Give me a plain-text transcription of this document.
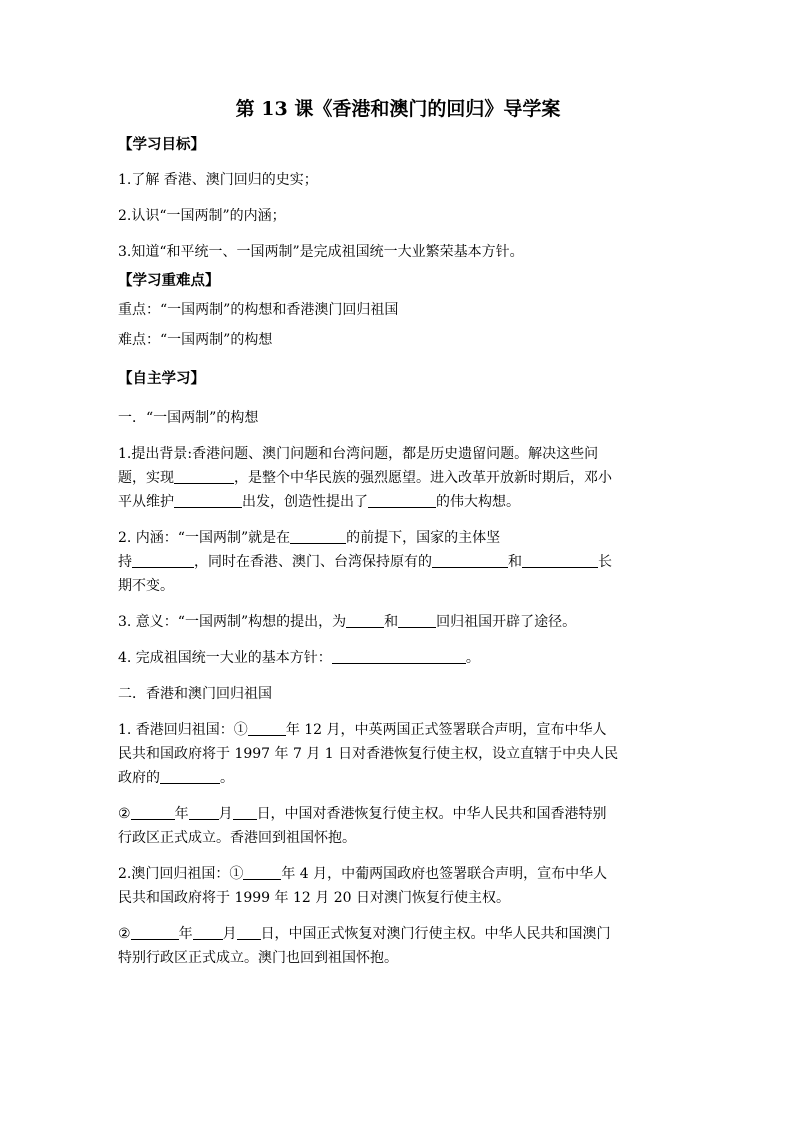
第 13 课《香港和澳门的回归》导学案
【学习目标】
1.了解 香港、澳门回归的史实；
2.认识“一国两制”的内涵；
3.知道“和平统一、一国两制”是完成祖国统一大业繁荣基本方针。
【学习重难点】
重点：“一国两制”的构想和香港澳门回归祖国
难点：“一国两制”的构想
【自主学习】
一．“一国两制”的构想
1.提出背景:香港问题、澳门问题和台湾问题，都是历史遗留问题。解决这些问
题，实现	，是整个中华民族的强烈愿望。进入改革开放新时期后，邓小
平从维护	出发，创造性提出了	的伟大构想。
2. 内涵：“一国两制”就是在	的前提下，国家的主体坚
持	，同时在香港、澳门、台湾保持原有的	和	长
期不变。
3. 意义：“一国两制”构想的提出，为	和	回归祖国开辟了途径。
4. 完成祖国统一大业的基本方针：	。
二．香港和澳门回归祖国
1. 香港回归祖国：①	年 12 月，中英两国正式签署联合声明，宣布中华人
民共和国政府将于 1997 年 7 月 1 日对香港恢复行使主权，设立直辖于中央人民
政府的	。
②	年 月 日，中国对香港恢复行使主权。中华人民共和国香港特别
行政区正式成立。香港回到祖国怀抱。
2.澳门回归祖国：①	年 4 月，中葡两国政府也签署联合声明，宣布中华人
民共和国政府将于 1999 年 12 月 20 日对澳门恢复行使主权。
②	年 月 日，中国正式恢复对澳门行使主权。中华人民共和国澳门
特别行政区正式成立。澳门也回到祖国怀抱。
